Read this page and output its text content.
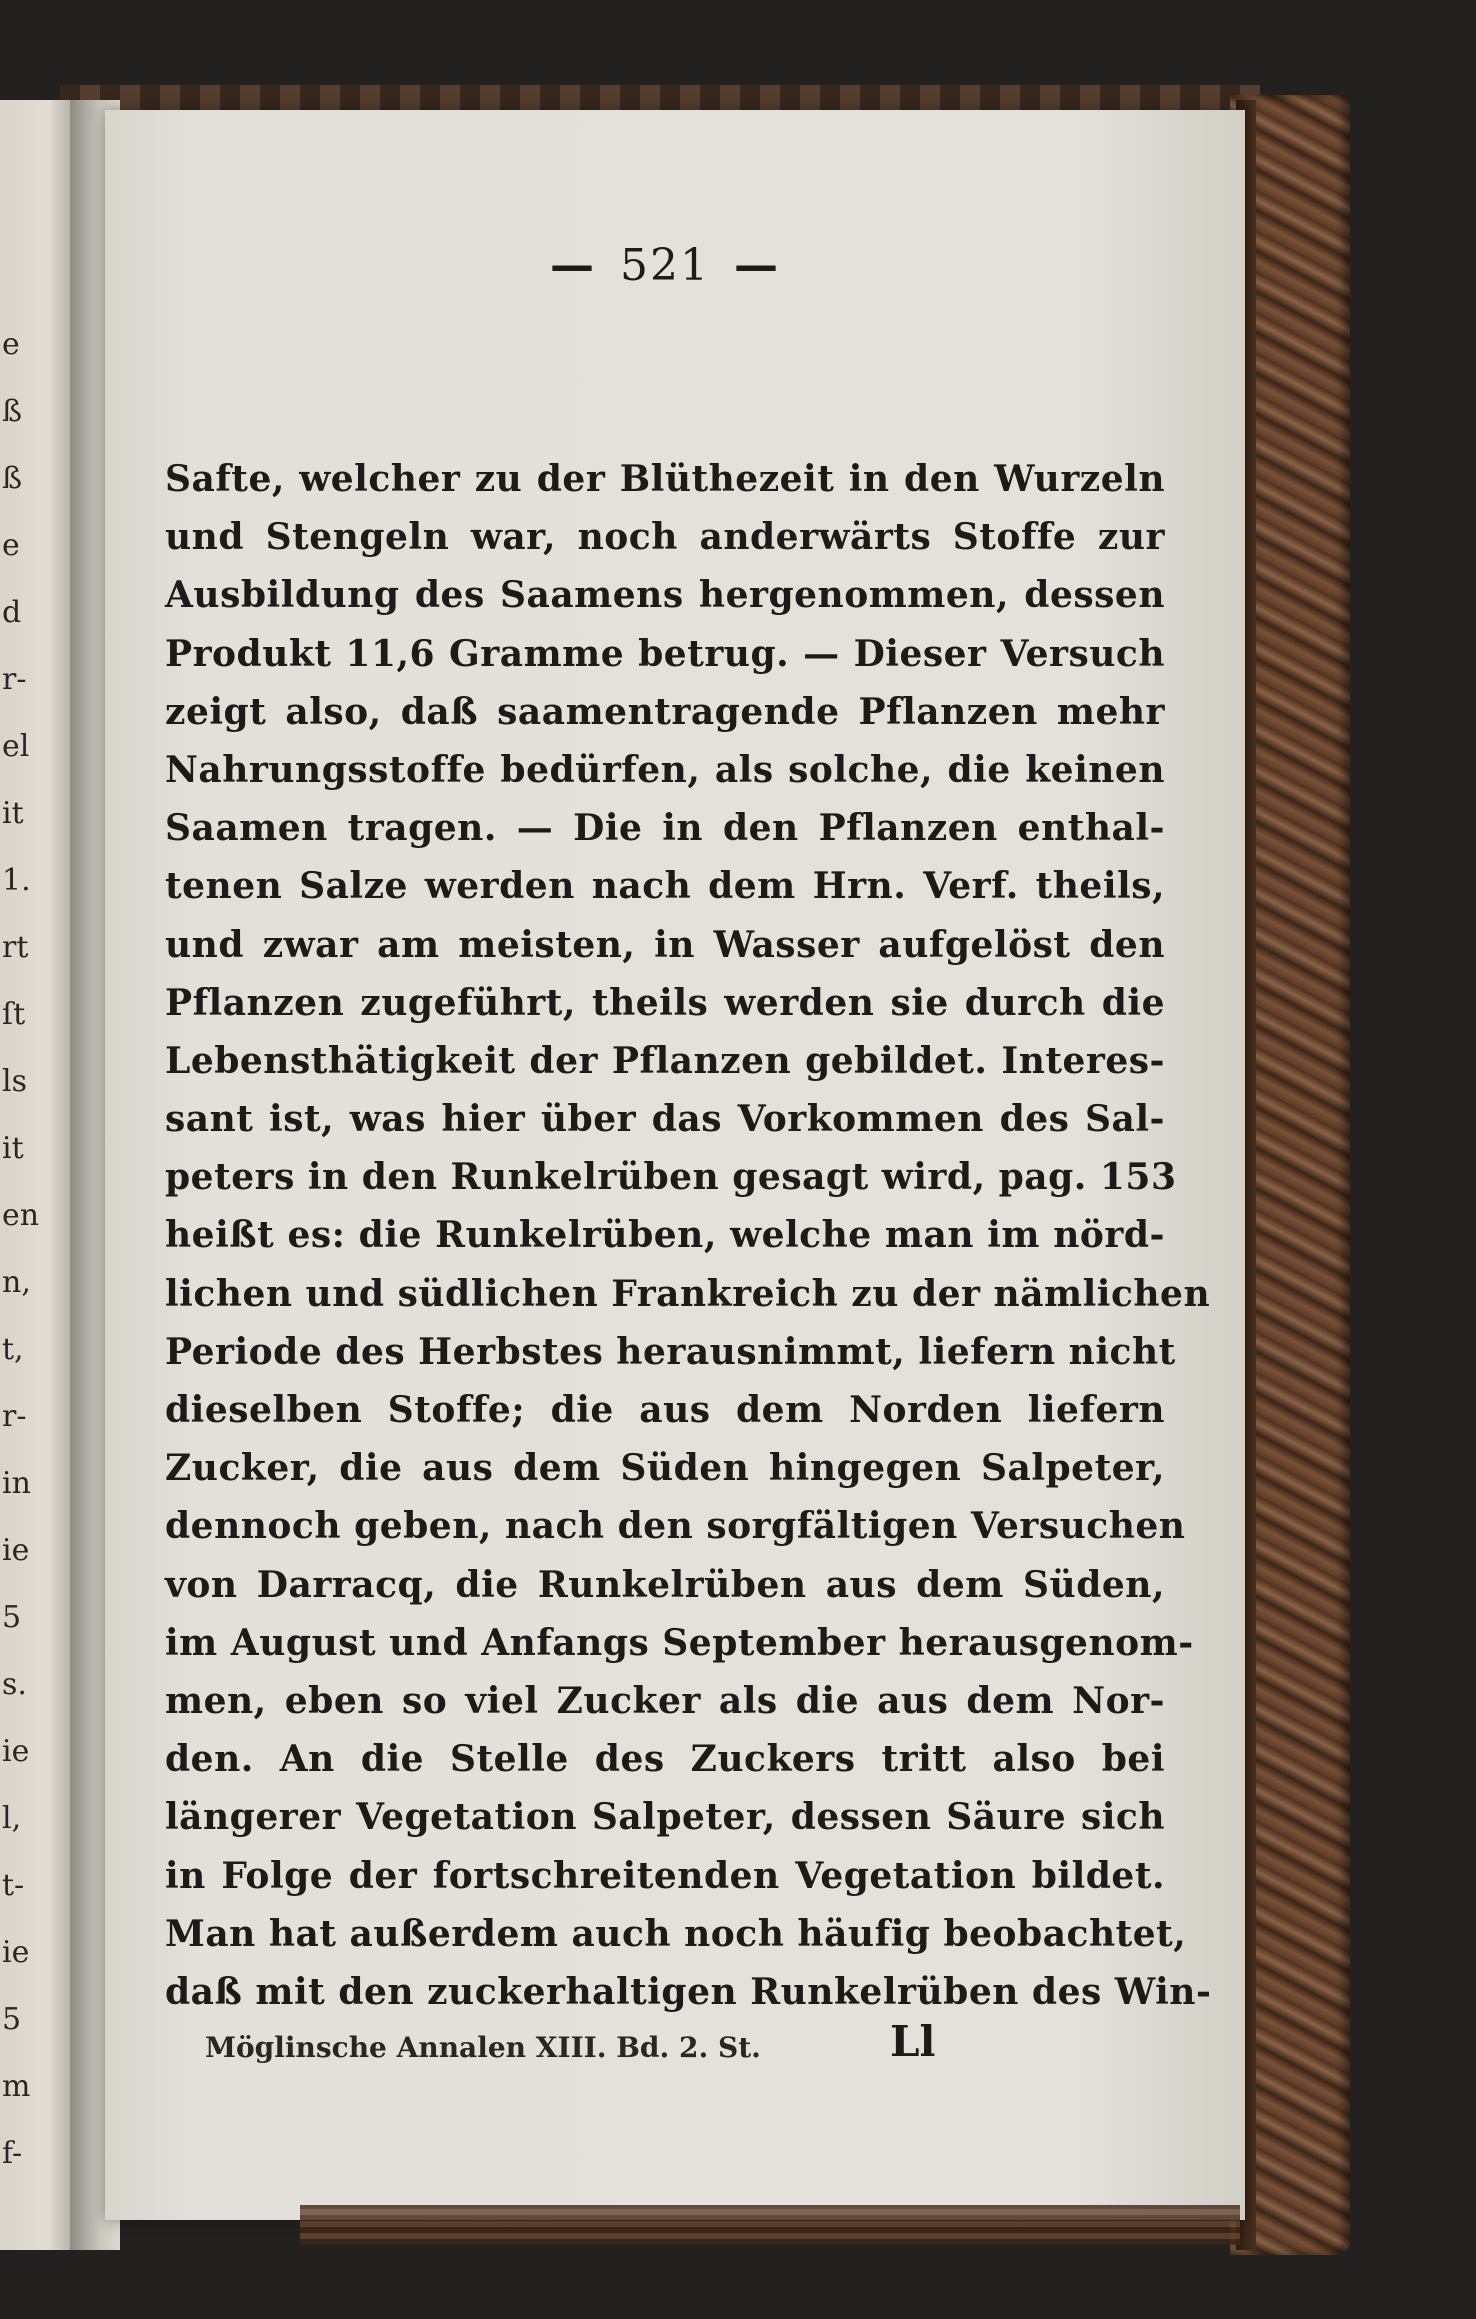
e
ß
ß
e
d
r-
el
it
1.
rt
ſt
ls
it
en
n,
t,
r-
in
ie
5
s.
ie
l,
t-
ie
5
m
f-
— 521 —
Safte, welcher zu der Blüthezeit in den Wurzeln
und Stengeln war, noch anderwärts Stoffe zur
Ausbildung des Saamens hergenommen, dessen
Produkt 11,6 Gramme betrug. — Dieser Versuch
zeigt also, daß saamentragende Pflanzen mehr
Nahrungsstoffe bedürfen, als solche, die keinen
Saamen tragen. — Die in den Pflanzen enthal-
tenen Salze werden nach dem Hrn. Verf. theils,
und zwar am meisten, in Wasser aufgelöst den
Pflanzen zugeführt, theils werden sie durch die
Lebensthätigkeit der Pflanzen gebildet. Interes-
sant ist, was hier über das Vorkommen des Sal-
peters in den Runkelrüben gesagt wird, pag. 153
heißt es: die Runkelrüben, welche man im nörd-
lichen und südlichen Frankreich zu der nämlichen
Periode des Herbstes herausnimmt, liefern nicht
dieselben Stoffe; die aus dem Norden liefern
Zucker, die aus dem Süden hingegen Salpeter,
dennoch geben, nach den sorgfältigen Versuchen
von Darracq, die Runkelrüben aus dem Süden,
im August und Anfangs September herausgenom-
men, eben so viel Zucker als die aus dem Nor-
den. An die Stelle des Zuckers tritt also bei
längerer Vegetation Salpeter, dessen Säure sich
in Folge der fortschreitenden Vegetation bildet.
Man hat außerdem auch noch häufig beobachtet,
daß mit den zuckerhaltigen Runkelrüben des Win-
Möglinsche Annalen XIII. Bd. 2. St.	Ll
